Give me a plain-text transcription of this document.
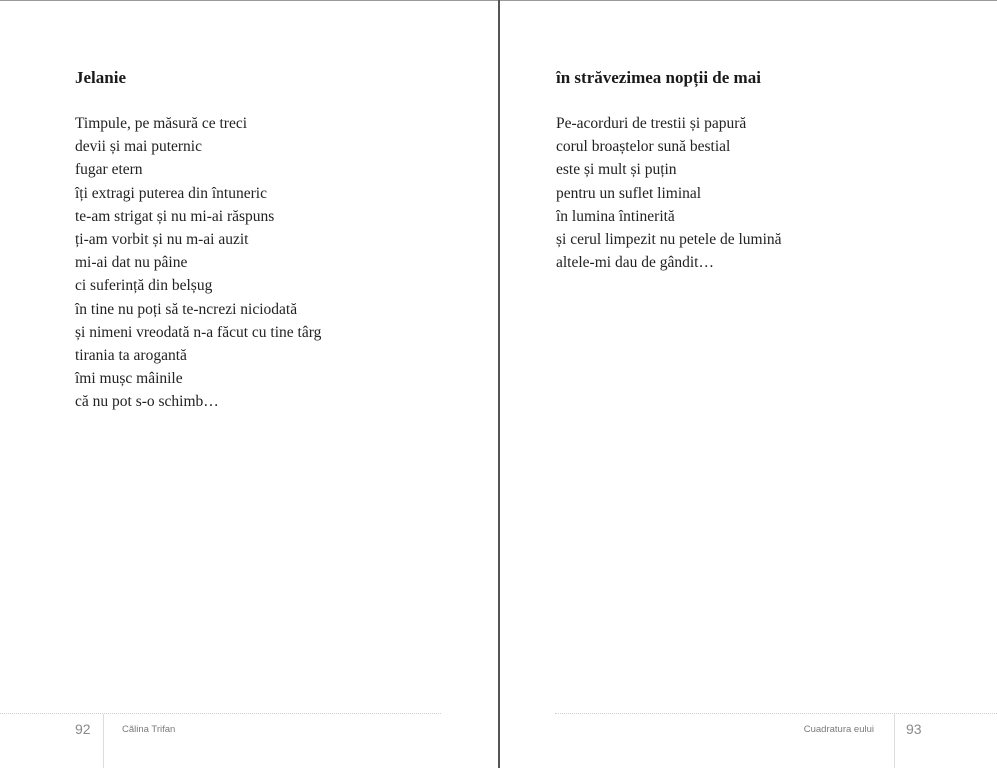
Jelanie
Timpule, pe măsură ce treci
devii și mai puternic
fugar etern
îți extragi puterea din întuneric
te-am strigat și nu mi-ai răspuns
ți-am vorbit și nu m-ai auzit
mi-ai dat nu pâine
ci suferință din belșug
în tine nu poți să te-ncrezi niciodată
și nimeni vreodată n-a făcut cu tine târg
tirania ta arogantă
îmi mușc mâinile
că nu pot s-o schimb…
92	Călina Trifan
în străvezimea nopții de mai
Pe-acorduri de trestii și papură
corul broaștelor sună bestial
este și mult și puțin
pentru un suflet liminal
în lumina întinerită
și cerul limpezit nu petele de lumină
altele-mi dau de gândit…
Cuadratura eului 93
